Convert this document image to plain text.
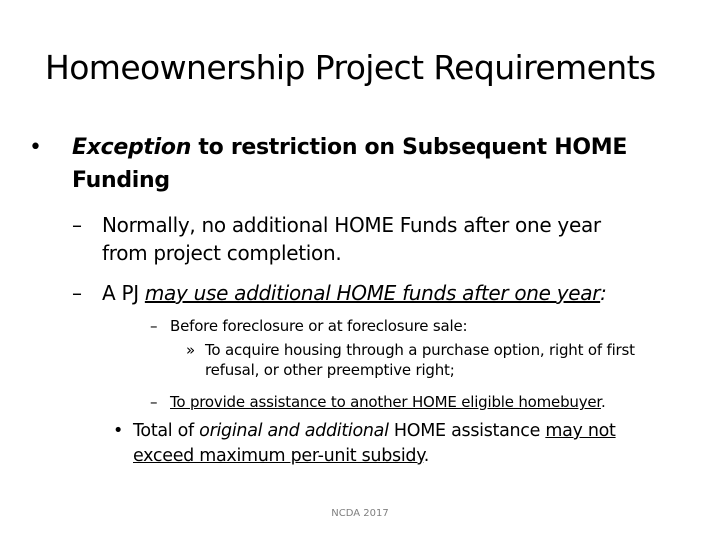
Homeownership Project Requirements
• Exception to restriction on Subsequent HOME
Funding
– Normally, no additional HOME Funds after one year
from project completion.
– A PJ may use additional HOME funds after one year:
– Before foreclosure or at foreclosure sale:
» To acquire housing through a purchase option, right of first
refusal, or other preemptive right;
– To provide assistance to another HOME eligible homebuyer.
• Total of original and additional HOME assistance may not
exceed maximum per-unit subsidy.
NCDA 2017
